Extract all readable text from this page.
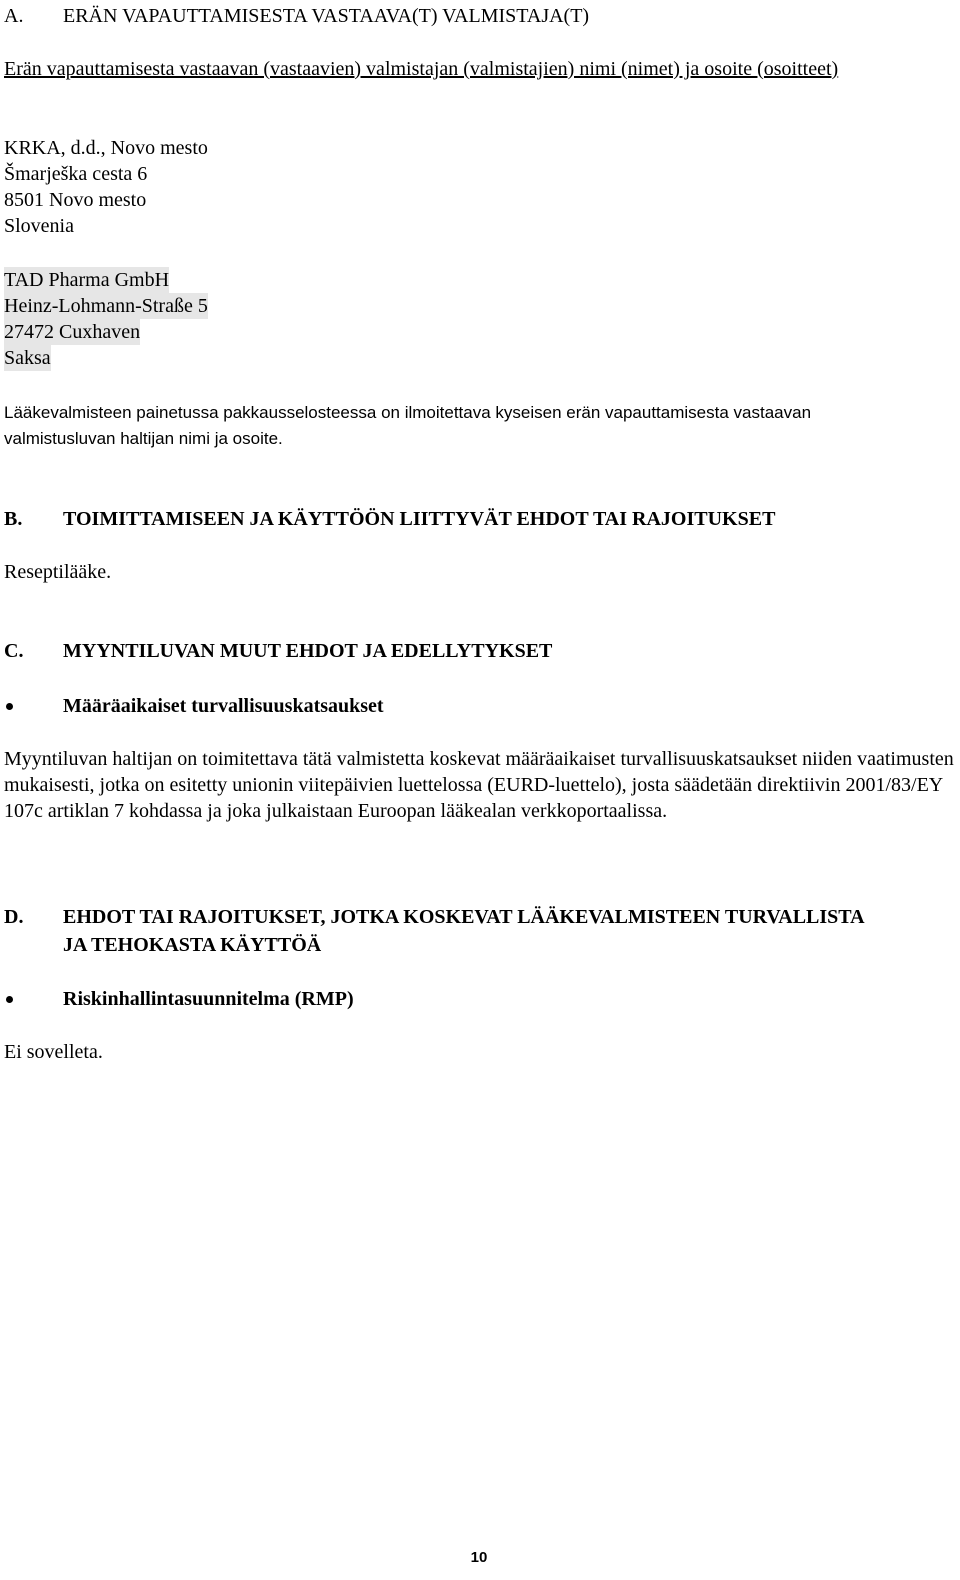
A.	ERÄN VAPAUTTAMISESTA VASTAAVA(T) VALMISTAJA(T)

Erän vapauttamisesta vastaavan (vastaavien) valmistajan (valmistajien) nimi (nimet) ja osoite (osoitteet)

KRKA, d.d., Novo mesto
Šmarješka cesta 6
8501 Novo mesto
Slovenia
TAD Pharma GmbH
Heinz-Lohmann-Straße 5
27472 Cuxhaven
Saksa

Lääkevalmisteen painetussa pakkausselosteessa on ilmoitettava kyseisen erän vapauttamisesta vastaavan valmistusluvan haltijan nimi ja osoite.

B.	TOIMITTAMISEEN JA KÄYTTÖÖN LIITTYVÄT EHDOT TAI RAJOITUKSET

Reseptilääke.

C.	MYYNTILUVAN MUUT EHDOT JA EDELLYTYKSET
Määräaikaiset turvallisuuskatsaukset

Myyntiluvan haltijan on toimitettava tätä valmistetta koskevat määräaikaiset turvallisuuskatsaukset niiden vaatimusten mukaisesti, jotka on esitetty unionin viitepäivien luettelossa (EURD-luettelo), josta säädetään direktiivin 2001/83/EY 107c artiklan 7 kohdassa ja joka julkaistaan Euroopan lääkealan verkkoportaalissa.

D.	EHDOT TAI RAJOITUKSET, JOTKA KOSKEVAT LÄÄKEVALMISTEEN TURVALLISTA JA TEHOKASTA KÄYTTÖÄ
Riskinhallintasuunnitelma (RMP)

Ei sovelleta.

10
